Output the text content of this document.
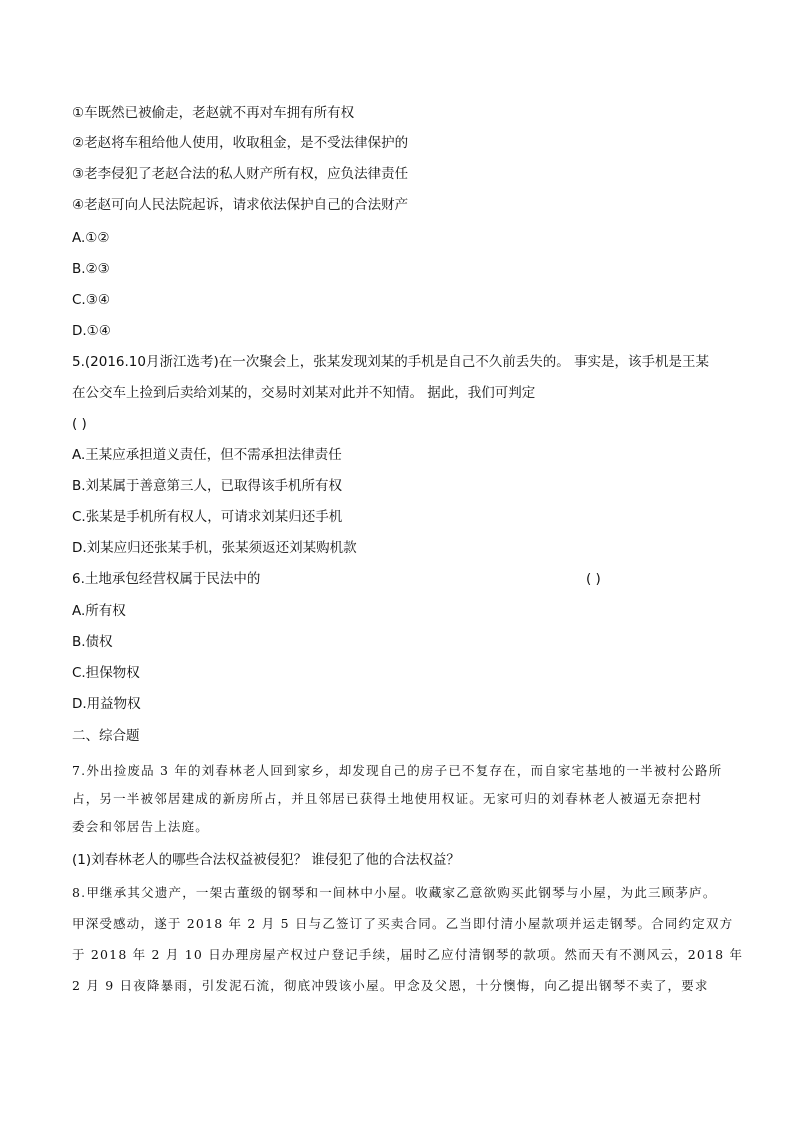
①车既然已被偷走，老赵就不再对车拥有所有权
②老赵将车租给他人使用，收取租金，是不受法律保护的
③老李侵犯了老赵合法的私人财产所有权，应负法律责任
④老赵可向人民法院起诉，请求依法保护自己的合法财产
A.①②
B.②③
C.③④
D.①④
5.(2016.10月浙江选考)在一次聚会上，张某发现刘某的手机是自己不久前丢失的。 事实是，该手机是王某
在公交车上捡到后卖给刘某的，交易时刘某对此并不知情。 据此，我们可判定
( )
A.王某应承担道义责任，但不需承担法律责任
B.刘某属于善意第三人，已取得该手机所有权
C.张某是手机所有权人，可请求刘某归还手机
D.刘某应归还张某手机，张某须返还刘某购机款
6.土地承包经营权属于民法中的	( )
A.所有权
B.债权
C.担保物权
D.用益物权
二、综合题
7.外出捡废品 3 年的刘春林老人回到家乡，却发现自己的房子已不复存在，而自家宅基地的一半被村公路所
占，另一半被邻居建成的新房所占，并且邻居已获得土地使用权证。无家可归的刘春林老人被逼无奈把村
委会和邻居告上法庭。
(1)刘春林老人的哪些合法权益被侵犯？ 谁侵犯了他的合法权益？
8.甲继承其父遗产，一架古董级的钢琴和一间林中小屋。收藏家乙意欲购买此钢琴与小屋，为此三顾茅庐。
甲深受感动，遂于 2018 年 2 月 5 日与乙签订了买卖合同。乙当即付清小屋款项并运走钢琴。合同约定双方
于 2018 年 2 月 10 日办理房屋产权过户登记手续，届时乙应付清钢琴的款项。然而天有不测风云，2018 年
2 月 9 日夜降暴雨，引发泥石流，彻底冲毁该小屋。甲念及父恩，十分懊悔，向乙提出钢琴不卖了，要求
